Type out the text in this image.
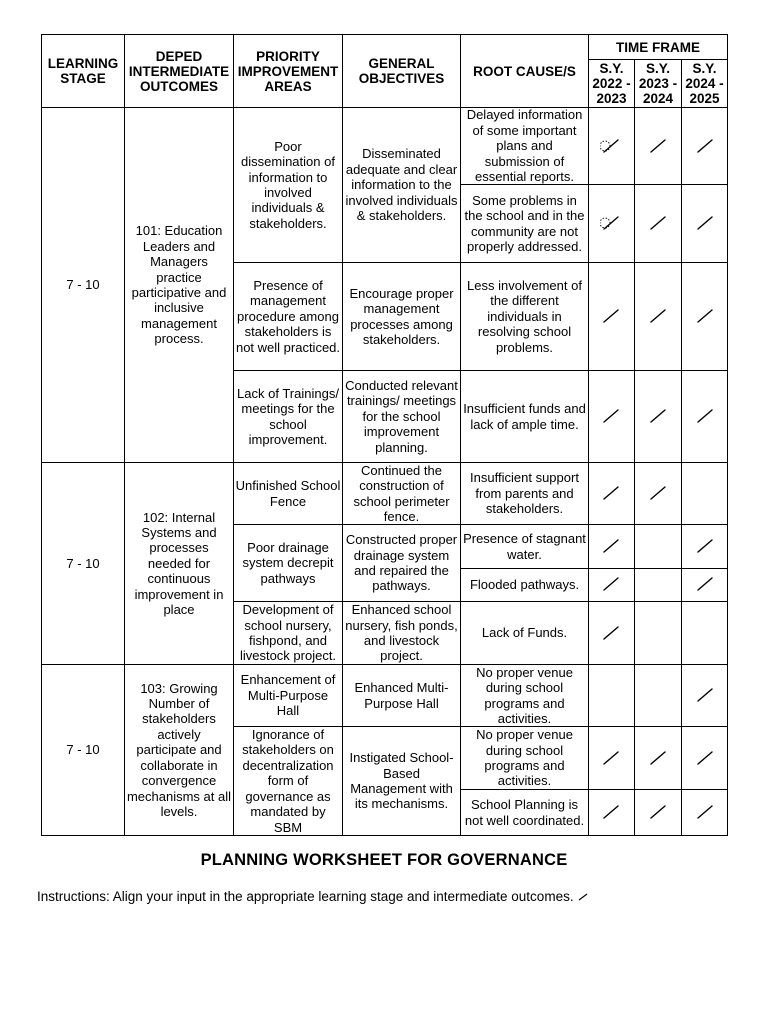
LEARNING STAGE
DEPED INTERMEDIATE OUTCOMES
PRIORITY IMPROVEMENT AREAS
GENERAL OBJECTIVES	ROOT CAUSE/S
TIME FRAME
S.Y. 2022 - 2023
S.Y. 2023 - 2024
S.Y. 2024 - 2025
7 - 10
101: Education Leaders and Managers practice participative and inclusive management process.
Poor dissemination of information to involved individuals & stakeholders.
Presence of management procedure among stakeholders is not well practiced.
Lack of Trainings/ meetings for the school improvement.
Disseminated adequate and clear information to the involved individuals & stakeholders.
Encourage proper management processes among stakeholders.
Conducted relevant trainings/ meetings for the school improvement planning.
Delayed information of some important plans and submission of essential reports.
Some problems in the school and in the community are not properly addressed.
Less involvement of the different individuals in resolving school problems.
Insufficient funds and lack of ample time.
7 - 10
102: Internal Systems and processes needed for continuous improvement in place
Unfinished School Fence
Poor drainage system decrepit pathways
Development of school nursery, fishpond, and livestock project.
Continued the construction of school perimeter fence.
Constructed proper drainage system and repaired the pathways.
Enhanced school nursery, fish ponds, and livestock project.
Insufficient support from parents and stakeholders.
Presence of stagnant water.
Flooded pathways.
Lack of Funds.
7 - 10
103: Growing Number of stakeholders actively participate and collaborate in convergence mechanisms at all levels.
Enhancement of Multi-Purpose Hall
Ignorance of stakeholders on decentralization form of governance as mandated by SBM
Enhanced Multi-Purpose Hall
Instigated School-Based Management with its mechanisms.
No proper venue during school programs and activities.
No proper venue during school programs and activities.
School Planning is not well coordinated.
PLANNING WORKSHEET FOR GOVERNANCE
Instructions: Align your input in the appropriate learning stage and intermediate outcomes.
